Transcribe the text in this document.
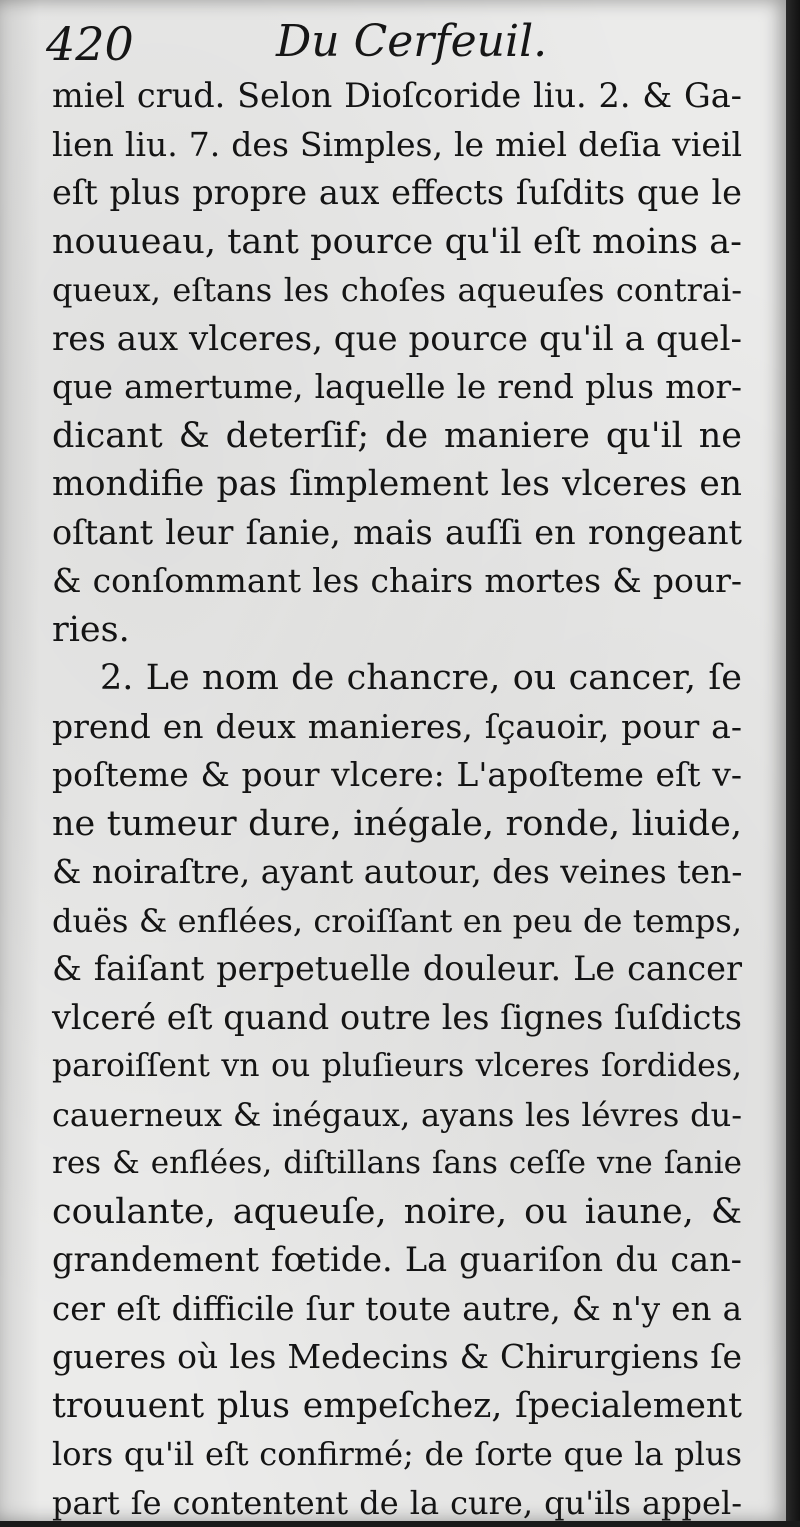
420	Du Cerfeuil.
miel crud. Selon Dioſcoride liu. 2. & Ga-
lien liu. 7. des Simples, le miel deſia vieil
eſt plus propre aux effects ſuſdits que le
nouueau, tant pource qu'il eſt moins a-
queux, eſtans les choſes aqueuſes contrai-
res aux vlceres, que pource qu'il a quel-
que amertume, laquelle le rend plus mor-
dicant & deterſif; de maniere qu'il ne
mondifie pas ſimplement les vlceres en
oſtant leur ſanie, mais auſſi en rongeant
& conſommant les chairs mortes & pour-
ries.
2. Le nom de chancre, ou cancer, ſe
prend en deux manieres, ſçauoir, pour a-
poſteme & pour vlcere: L'apoſteme eſt v-
ne tumeur dure, inégale, ronde, liuide,
& noiraſtre, ayant autour, des veines ten-
duës & enflées, croiſſant en peu de temps,
& faiſant perpetuelle douleur. Le cancer
vlceré eſt quand outre les ſignes ſuſdicts
paroiſſent vn ou pluſieurs vlceres ſordides,
cauerneux & inégaux, ayans les lévres du-
res & enflées, diſtillans ſans ceſſe vne ſanie
coulante, aqueuſe, noire, ou iaune, &
grandement fœtide. La guariſon du can-
cer eſt difficile ſur toute autre, & n'y en a
gueres où les Medecins & Chirurgiens ſe
trouuent plus empeſchez, ſpecialement
lors qu'il eſt confirmé; de ſorte que la plus
part ſe contentent de la cure, qu'ils appel-
